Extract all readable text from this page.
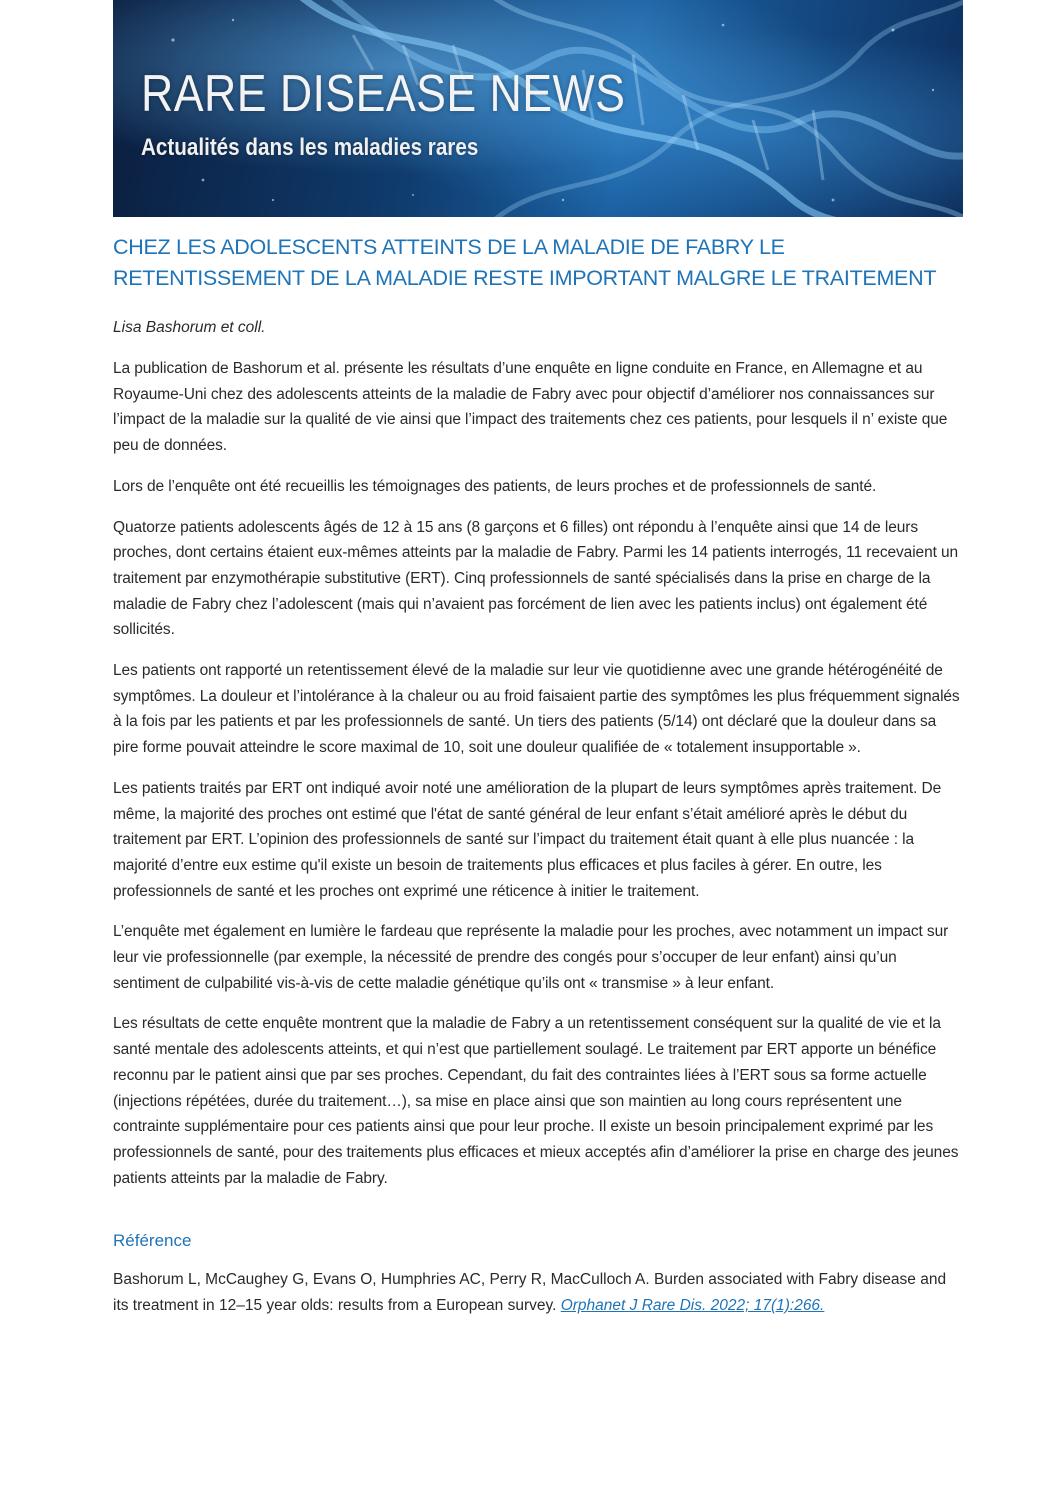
RARE DISEASE NEWS
Actualités dans les maladies rares
CHEZ LES ADOLESCENTS ATTEINTS DE LA MALADIE DE FABRY LE RETENTISSEMENT DE LA MALADIE RESTE IMPORTANT MALGRE LE TRAITEMENT

Lisa Bashorum et coll.

La publication de Bashorum et al. présente les résultats d’une enquête en ligne conduite en France, en Allemagne et au Royaume-Uni chez des adolescents atteints de la maladie de Fabry avec pour objectif d’améliorer nos connaissances sur l’impact de la maladie sur la qualité de vie ainsi que l’impact des traitements chez ces patients, pour lesquels il n’ existe que peu de données.

Lors de l’enquête ont été recueillis les témoignages des patients, de leurs proches et de professionnels de santé.

Quatorze patients adolescents âgés de 12 à 15 ans (8 garçons et 6 filles) ont répondu à l’enquête ainsi que 14 de leurs proches, dont certains étaient eux-mêmes atteints par la maladie de Fabry. Parmi les 14 patients interrogés, 11 recevaient un traitement par enzymothérapie substitutive (ERT). Cinq professionnels de santé spécialisés dans la prise en charge de la maladie de Fabry chez l’adolescent (mais qui n’avaient pas forcément de lien avec les patients inclus) ont également été sollicités.

Les patients ont rapporté un retentissement élevé de la maladie sur leur vie quotidienne avec une grande hétérogénéité de symptômes. La douleur et l’intolérance à la chaleur ou au froid faisaient partie des symptômes les plus fréquemment signalés à la fois par les patients et par les professionnels de santé. Un tiers des patients (5/14) ont déclaré que la douleur dans sa pire forme pouvait atteindre le score maximal de 10, soit une douleur qualifiée de « totalement insupportable ».

Les patients traités par ERT ont indiqué avoir noté une amélioration de la plupart de leurs symptômes après traitement. De même, la majorité des proches ont estimé que l'état de santé général de leur enfant s’était amélioré après le début du traitement par ERT. L’opinion des professionnels de santé sur l’impact du traitement était quant à elle plus nuancée : la majorité d’entre eux estime qu'il existe un besoin de traitements plus efficaces et plus faciles à gérer. En outre, les professionnels de santé et les proches ont exprimé une réticence à initier le traitement.

L’enquête met également en lumière le fardeau que représente la maladie pour les proches, avec notamment un impact sur leur vie professionnelle (par exemple, la nécessité de prendre des congés pour s’occuper de leur enfant) ainsi qu’un sentiment de culpabilité vis-à-vis de cette maladie génétique qu’ils ont « transmise » à leur enfant.

Les résultats de cette enquête montrent que la maladie de Fabry a un retentissement conséquent sur la qualité de vie et la santé mentale des adolescents atteints, et qui n’est que partiellement soulagé. Le traitement par ERT apporte un bénéfice reconnu par le patient ainsi que par ses proches. Cependant, du fait des contraintes liées à l’ERT sous sa forme actuelle (injections répétées, durée du traitement…), sa mise en place ainsi que son maintien au long cours représentent une contrainte supplémentaire pour ces patients ainsi que pour leur proche. Il existe un besoin principalement exprimé par les professionnels de santé, pour des traitements plus efficaces et mieux acceptés afin d’améliorer la prise en charge des jeunes patients atteints par la maladie de Fabry.

Référence

Bashorum L, McCaughey G, Evans O, Humphries AC, Perry R, MacCulloch A. Burden associated with Fabry disease and its treatment in 12–15 year olds: results from a European survey. Orphanet J Rare Dis. 2022; 17(1):266.
